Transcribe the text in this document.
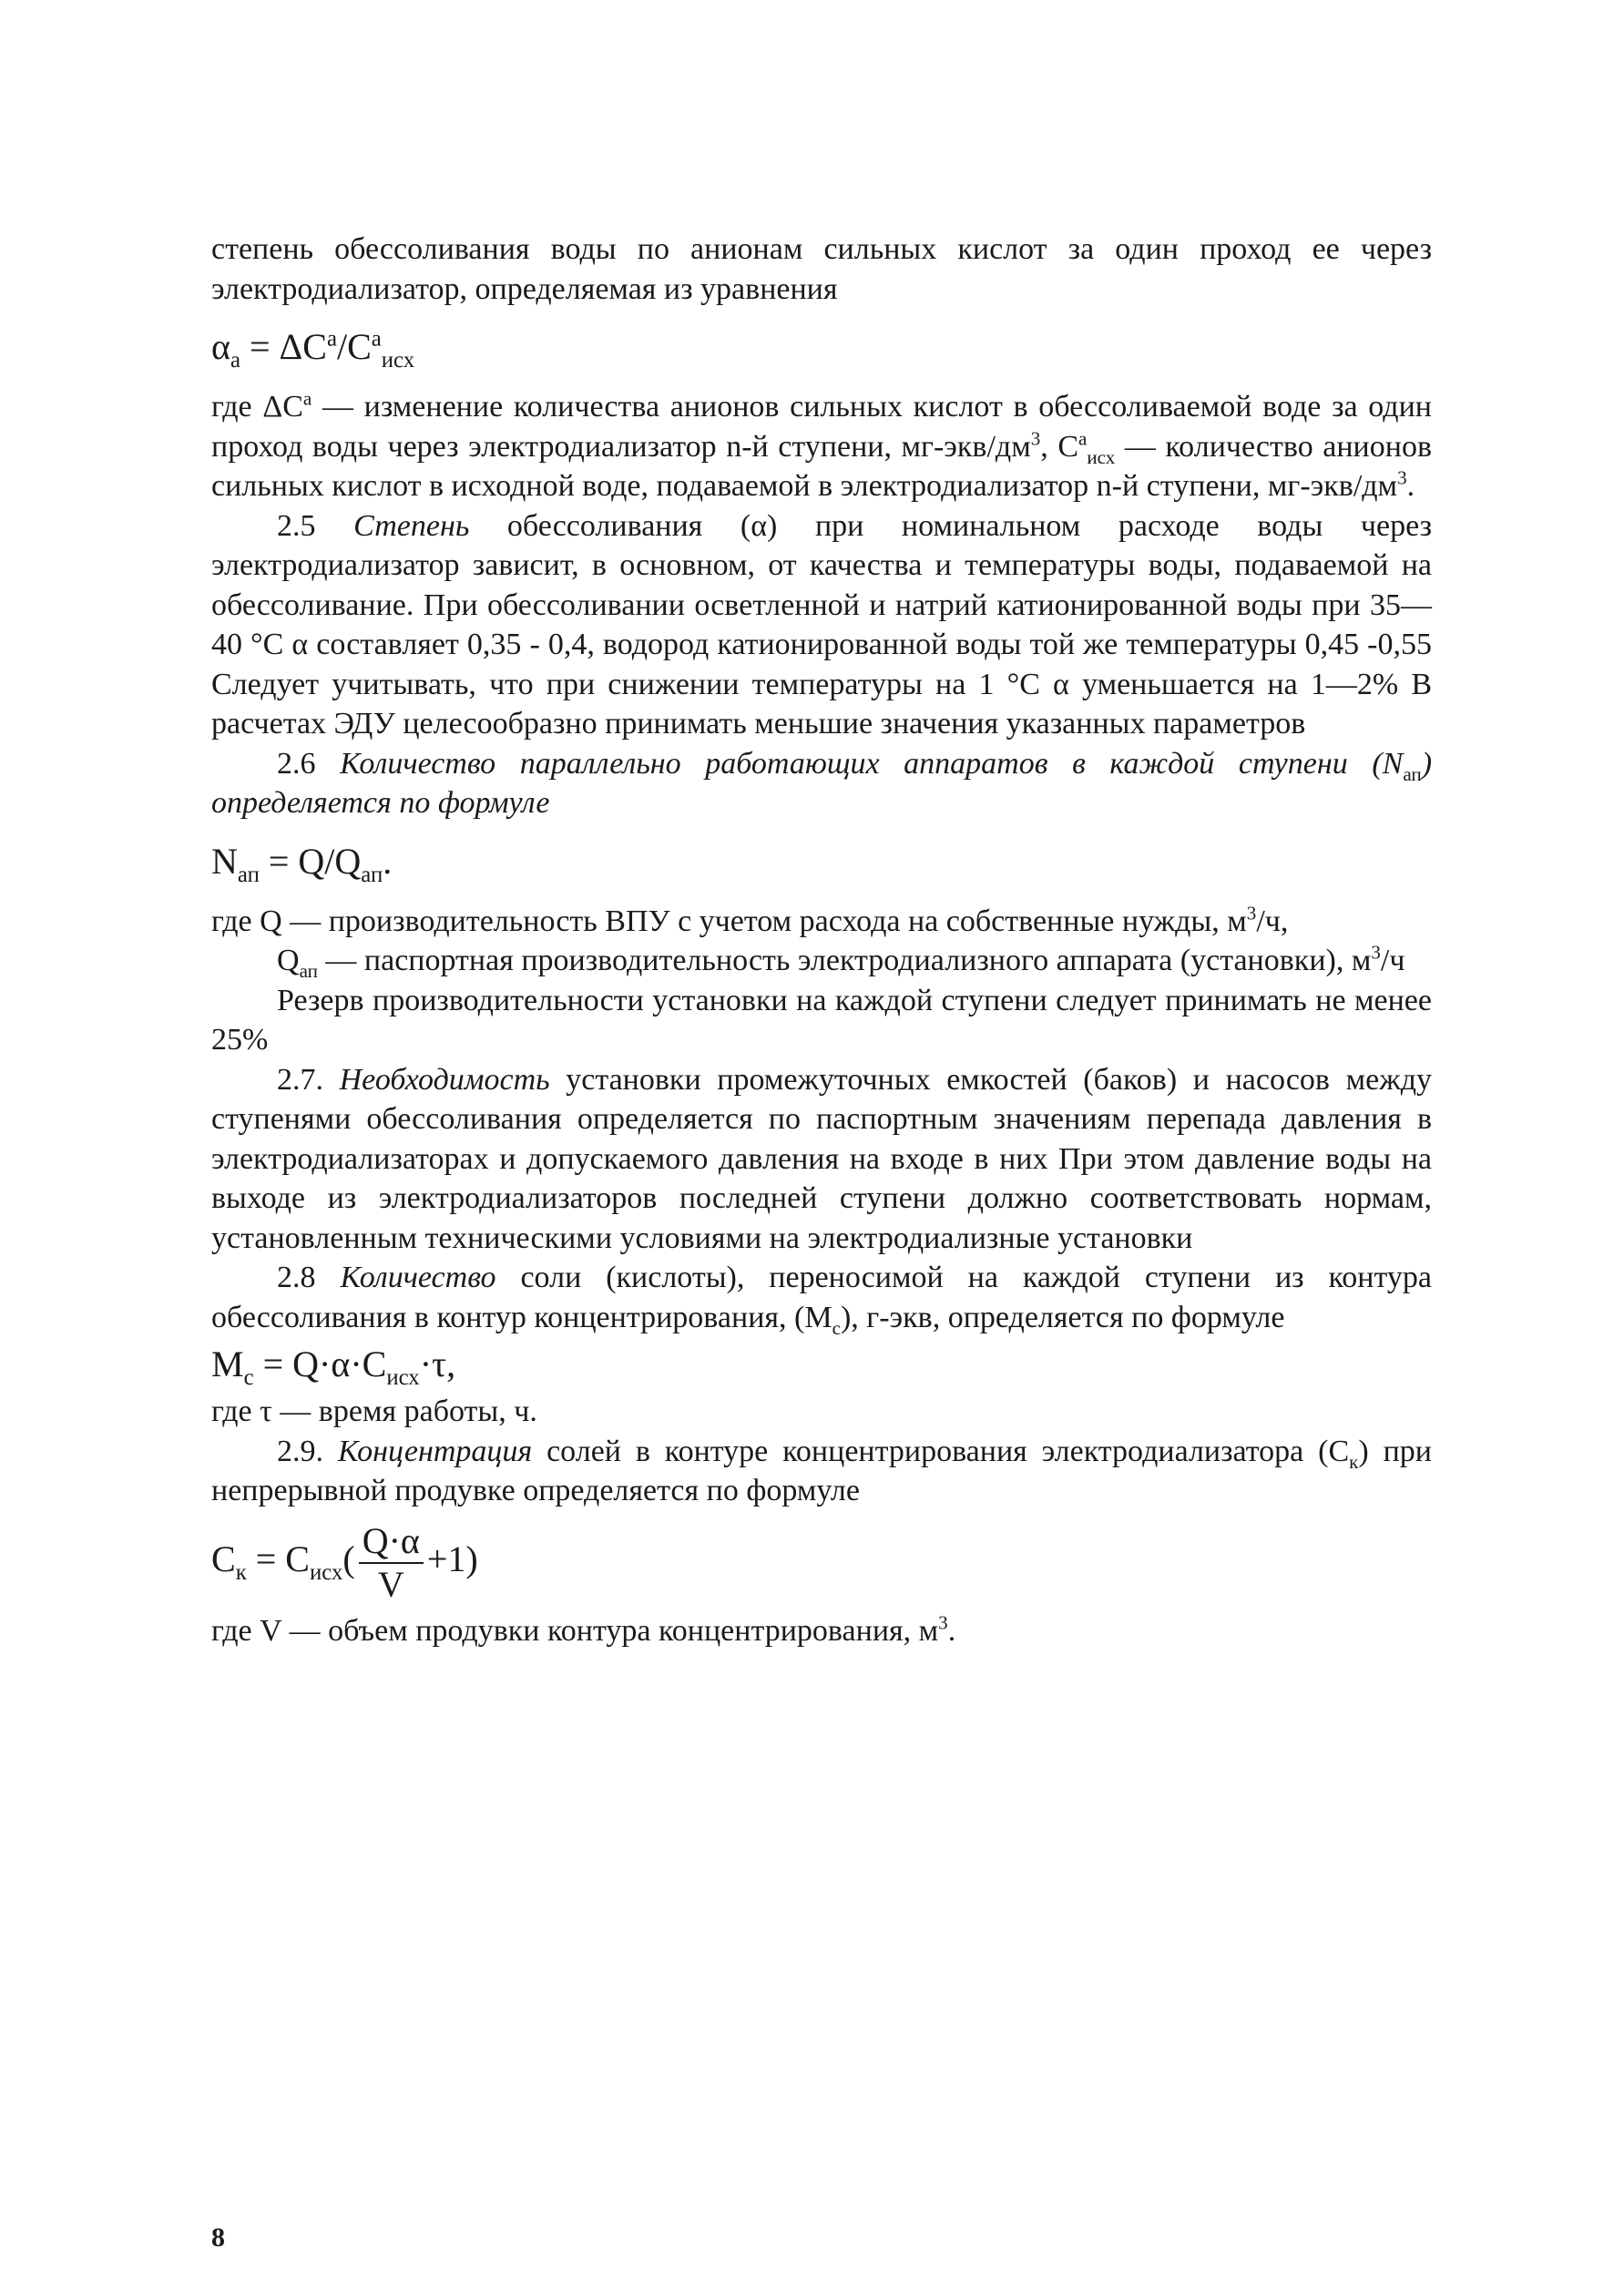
степень обессоливания воды по анионам сильных кислот за один проход ее через электродиализатор, определяемая из уравнения

$\alpha_a = \Delta C^a/C^a_{исх}$

где $\Delta C^a$ — изменение количества анионов сильных кислот в обессоливаемой воде за один проход воды через электродиализатор n-й ступени, $мг-экв/дм^3$, $C^a_{исх}$ — количество анионов сильных кислот в исходной воде, подаваемой в электродиализатор n-й ступени, $мг-экв/дм^3$.

2.5 Степень обессоливания (α) при номинальном расходе воды через электродиализатор зависит, в основном, от качества и температуры воды, подаваемой на обессоливание. При обессоливании осветленной и натрий катионированной воды при 35—40 °C α составляет 0,35 - 0,4, водород катионированной воды той же температуры 0,45 -0,55 Следует учитывать, что при снижении температуры на 1 °C α уменьшается на 1—2% В расчетах ЭДУ целесообразно принимать меньшие значения указанных параметров

2.6 Количество параллельно работающих аппаратов в каждой ступени $(N_{ап})$ определяется по формуле

$N_{ап} = Q/Q_{ап}$.

где Q — производительность ВПУ с учетом расхода на собственные нужды, $м^3/ч$,

$Q_{ап}$ — паспортная производительность электродиализного аппарата (установки), $м^3/ч$

Резерв производительности установки на каждой ступени следует принимать не менее 25%

2.7. Необходимость установки промежуточных емкостей (баков) и насосов между ступенями обессоливания определяется по паспортным значениям перепада давления в электродиализаторах и допускаемого давления на входе в них При этом давление воды на выходе из электродиализаторов последней ступени должно соответствовать нормам, установленным техническими условиями на электродиализные установки

2.8 Количество соли (кислоты), переносимой на каждой ступени из контура обессоливания в контур концентрирования, $(M_с)$, г-экв, определяется по формуле

$M_с = Q\cdot\alpha\cdot C_{исх}\cdot\tau$,

где τ — время работы, ч.

2.9. Концентрация солей в контуре концентрирования электродиализатора $(C_к)$ при непрерывной продувке определяется по формуле

$C_к = C_{исх}( \frac{Q\cdot\alpha}{V} +1)$

где V — объем продувки контура концентрирования, $м^3$.

8
